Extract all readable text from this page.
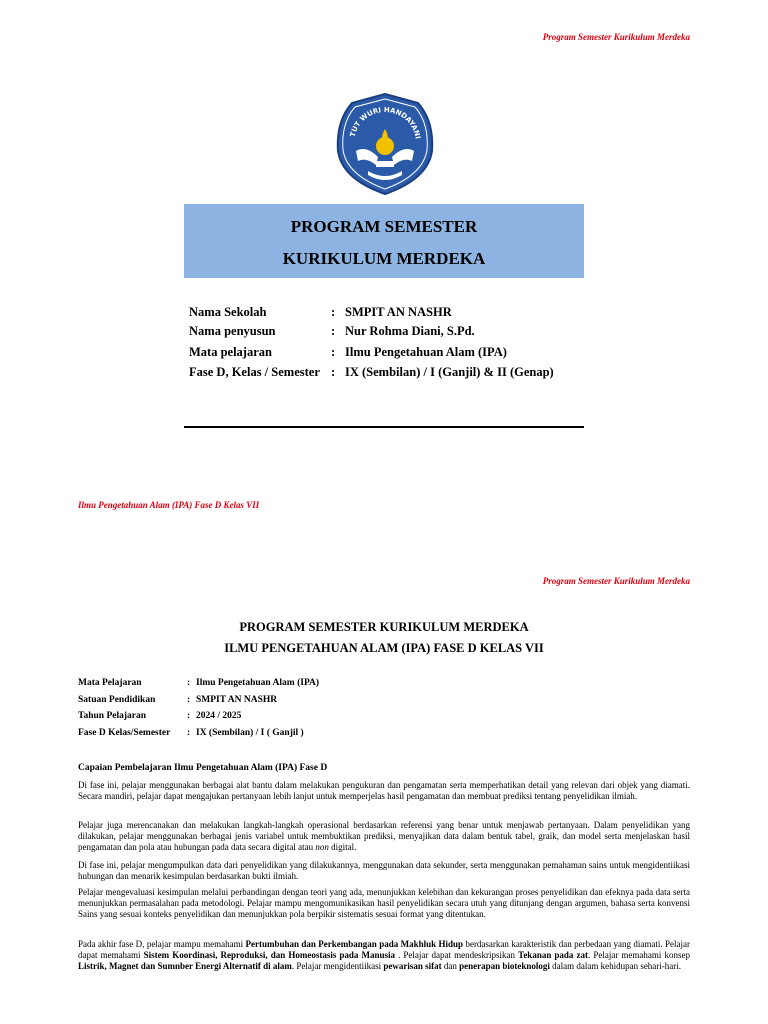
Program Semester Kurikulum Merdeka
TUT WURI HANDAYANI
PROGRAM SEMESTER
KURIKULUM MERDEKA
Nama Sekolah	: SMPIT AN NASHR
Nama penyusun	: Nur Rohma Diani, S.Pd.
Mata pelajaran	: Ilmu Pengetahuan Alam (IPA)
Fase D, Kelas / Semester : IX (Sembilan) / I (Ganjil) & II (Genap)
Ilmu Pengetahuan Alam (IPA) Fase D Kelas VII
Program Semester Kurikulum Merdeka
PROGRAM SEMESTER KURIKULUM MERDEKA
ILMU PENGETAHUAN ALAM (IPA) FASE D KELAS VII
Mata Pelajaran	: Ilmu Pengetahuan Alam (IPA)
Satuan Pendidikan	: SMPIT AN NASHR
Tahun Pelajaran	: 2024 / 2025
Fase D Kelas/Semester : IX (Sembilan) / I ( Ganjil )
Capaian Pembelajaran Ilmu Pengetahuan Alam (IPA) Fase D
Di fase ini, pelajar menggunakan berbagai alat bantu dalam melakukan pengukuran dan pengamatan serta memperhatikan detail yang relevan dari objek yang diamati. Secara mandiri, pelajar dapat mengajukan pertanyaan lebih lanjut untuk memperjelas hasil pengamatan dan membuat prediksi tentang penyelidikan ilmiah.
Pelajar juga merencanakan dan melakukan langkah-langkah operasional berdasarkan referensi yang benar untuk menjawab pertanyaan. Dalam penyelidikan yang dilakukan, pelajar menggunakan berbagai jenis variabel untuk membuktikan prediksi, menyajikan data dalam bentuk tabel, graik, dan model serta menjelaskan hasil pengamatan dan pola atau hubungan pada data secara digital atau non digital.
Di fase ini, pelajar mengumpulkan data dari penyelidikan yang dilakukannya, menggunakan data sekunder, serta menggunakan pemahaman sains untuk mengidentiikasi hubungan dan menarik kesimpulan berdasarkan bukti ilmiah.
Pelajar mengevaluasi kesimpulan melalui perbandingan dengan teori yang ada, menunjukkan kelebihan dan kekurangan proses penyelidikan dan efeknya pada data serta menunjukkan permasalahan pada metodologi. Pelajar mampu mengomunikasikan hasil penyelidikan secara utuh yang ditunjang dengan argumen, bahasa serta konvensi Sains yang sesuai konteks penyelidikan dan menunjukkan pola berpikir sistematis sesuai format yang ditentukan.
Pada akhir fase D, pelajar mampu memahami Pertumbuhan dan Perkembangan pada Makhluk Hidup berdasarkan karakteristik dan perbedaan yang diamati. Pelajar dapat memahami Sistem Koordinasi, Reproduksi, dan Homeostasis pada Manusia . Pelajar dapat mendeskripsikan Tekanan pada zat. Pelajar memahami konsep Listrik, Magnet dan Sumnber Energi Alternatif di alam. Pelajar mengidentiikasi pewarisan sifat dan penerapan bioteknologi dalam dalam kehidupan sehari-hari.
